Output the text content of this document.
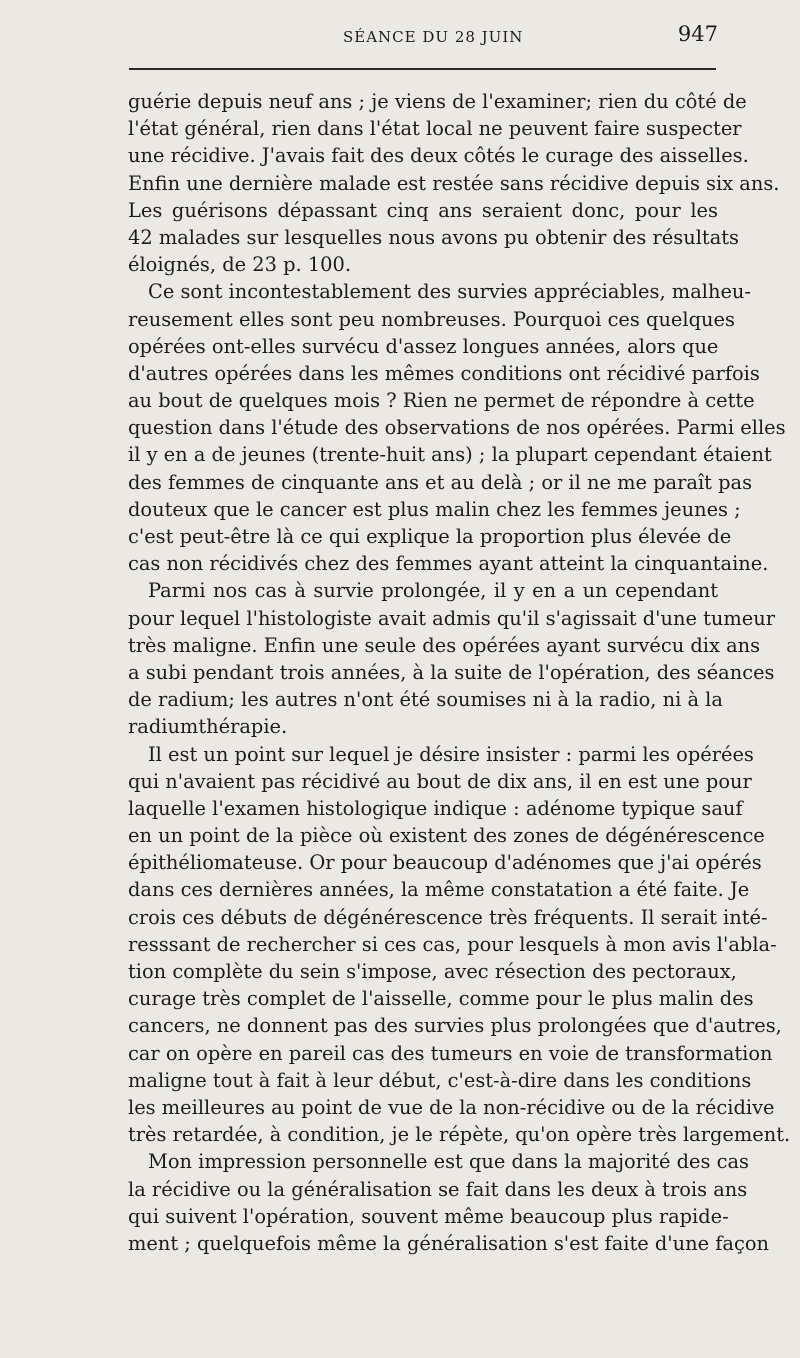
SÉANCE DU 28 JUIN	947
guérie depuis neuf ans ; je viens de l'examiner; rien du côté de
l'état général, rien dans l'état local ne peuvent faire suspecter
une récidive. J'avais fait des deux côtés le curage des aisselles.
Enfin une dernière malade est restée sans récidive depuis six ans.
Les guérisons dépassant cinq ans seraient donc, pour les
42 malades sur lesquelles nous avons pu obtenir des résultats
éloignés, de 23 p. 100.
Ce sont incontestablement des survies appréciables, malheu-
reusement elles sont peu nombreuses. Pourquoi ces quelques
opérées ont-elles survécu d'assez longues années, alors que
d'autres opérées dans les mêmes conditions ont récidivé parfois
au bout de quelques mois ? Rien ne permet de répondre à cette
question dans l'étude des observations de nos opérées. Parmi elles
il y en a de jeunes (trente-huit ans) ; la plupart cependant étaient
des femmes de cinquante ans et au delà ; or il ne me paraît pas
douteux que le cancer est plus malin chez les femmes jeunes ;
c'est peut-être là ce qui explique la proportion plus élevée de
cas non récidivés chez des femmes ayant atteint la cinquantaine.
Parmi nos cas à survie prolongée, il y en a un cependant
pour lequel l'histologiste avait admis qu'il s'agissait d'une tumeur
très maligne. Enfin une seule des opérées ayant survécu dix ans
a subi pendant trois années, à la suite de l'opération, des séances
de radium; les autres n'ont été soumises ni à la radio, ni à la
radiumthérapie.
Il est un point sur lequel je désire insister : parmi les opérées
qui n'avaient pas récidivé au bout de dix ans, il en est une pour
laquelle l'examen histologique indique : adénome typique sauf
en un point de la pièce où existent des zones de dégénérescence
épithéliomateuse. Or pour beaucoup d'adénomes que j'ai opérés
dans ces dernières années, la même constatation a été faite. Je
crois ces débuts de dégénérescence très fréquents. Il serait inté-
resssant de rechercher si ces cas, pour lesquels à mon avis l'abla-
tion complète du sein s'impose, avec résection des pectoraux,
curage très complet de l'aisselle, comme pour le plus malin des
cancers, ne donnent pas des survies plus prolongées que d'autres,
car on opère en pareil cas des tumeurs en voie de transformation
maligne tout à fait à leur début, c'est-à-dire dans les conditions
les meilleures au point de vue de la non-récidive ou de la récidive
très retardée, à condition, je le répète, qu'on opère très largement.
Mon impression personnelle est que dans la majorité des cas
la récidive ou la généralisation se fait dans les deux à trois ans
qui suivent l'opération, souvent même beaucoup plus rapide-
ment ; quelquefois même la généralisation s'est faite d'une façon
